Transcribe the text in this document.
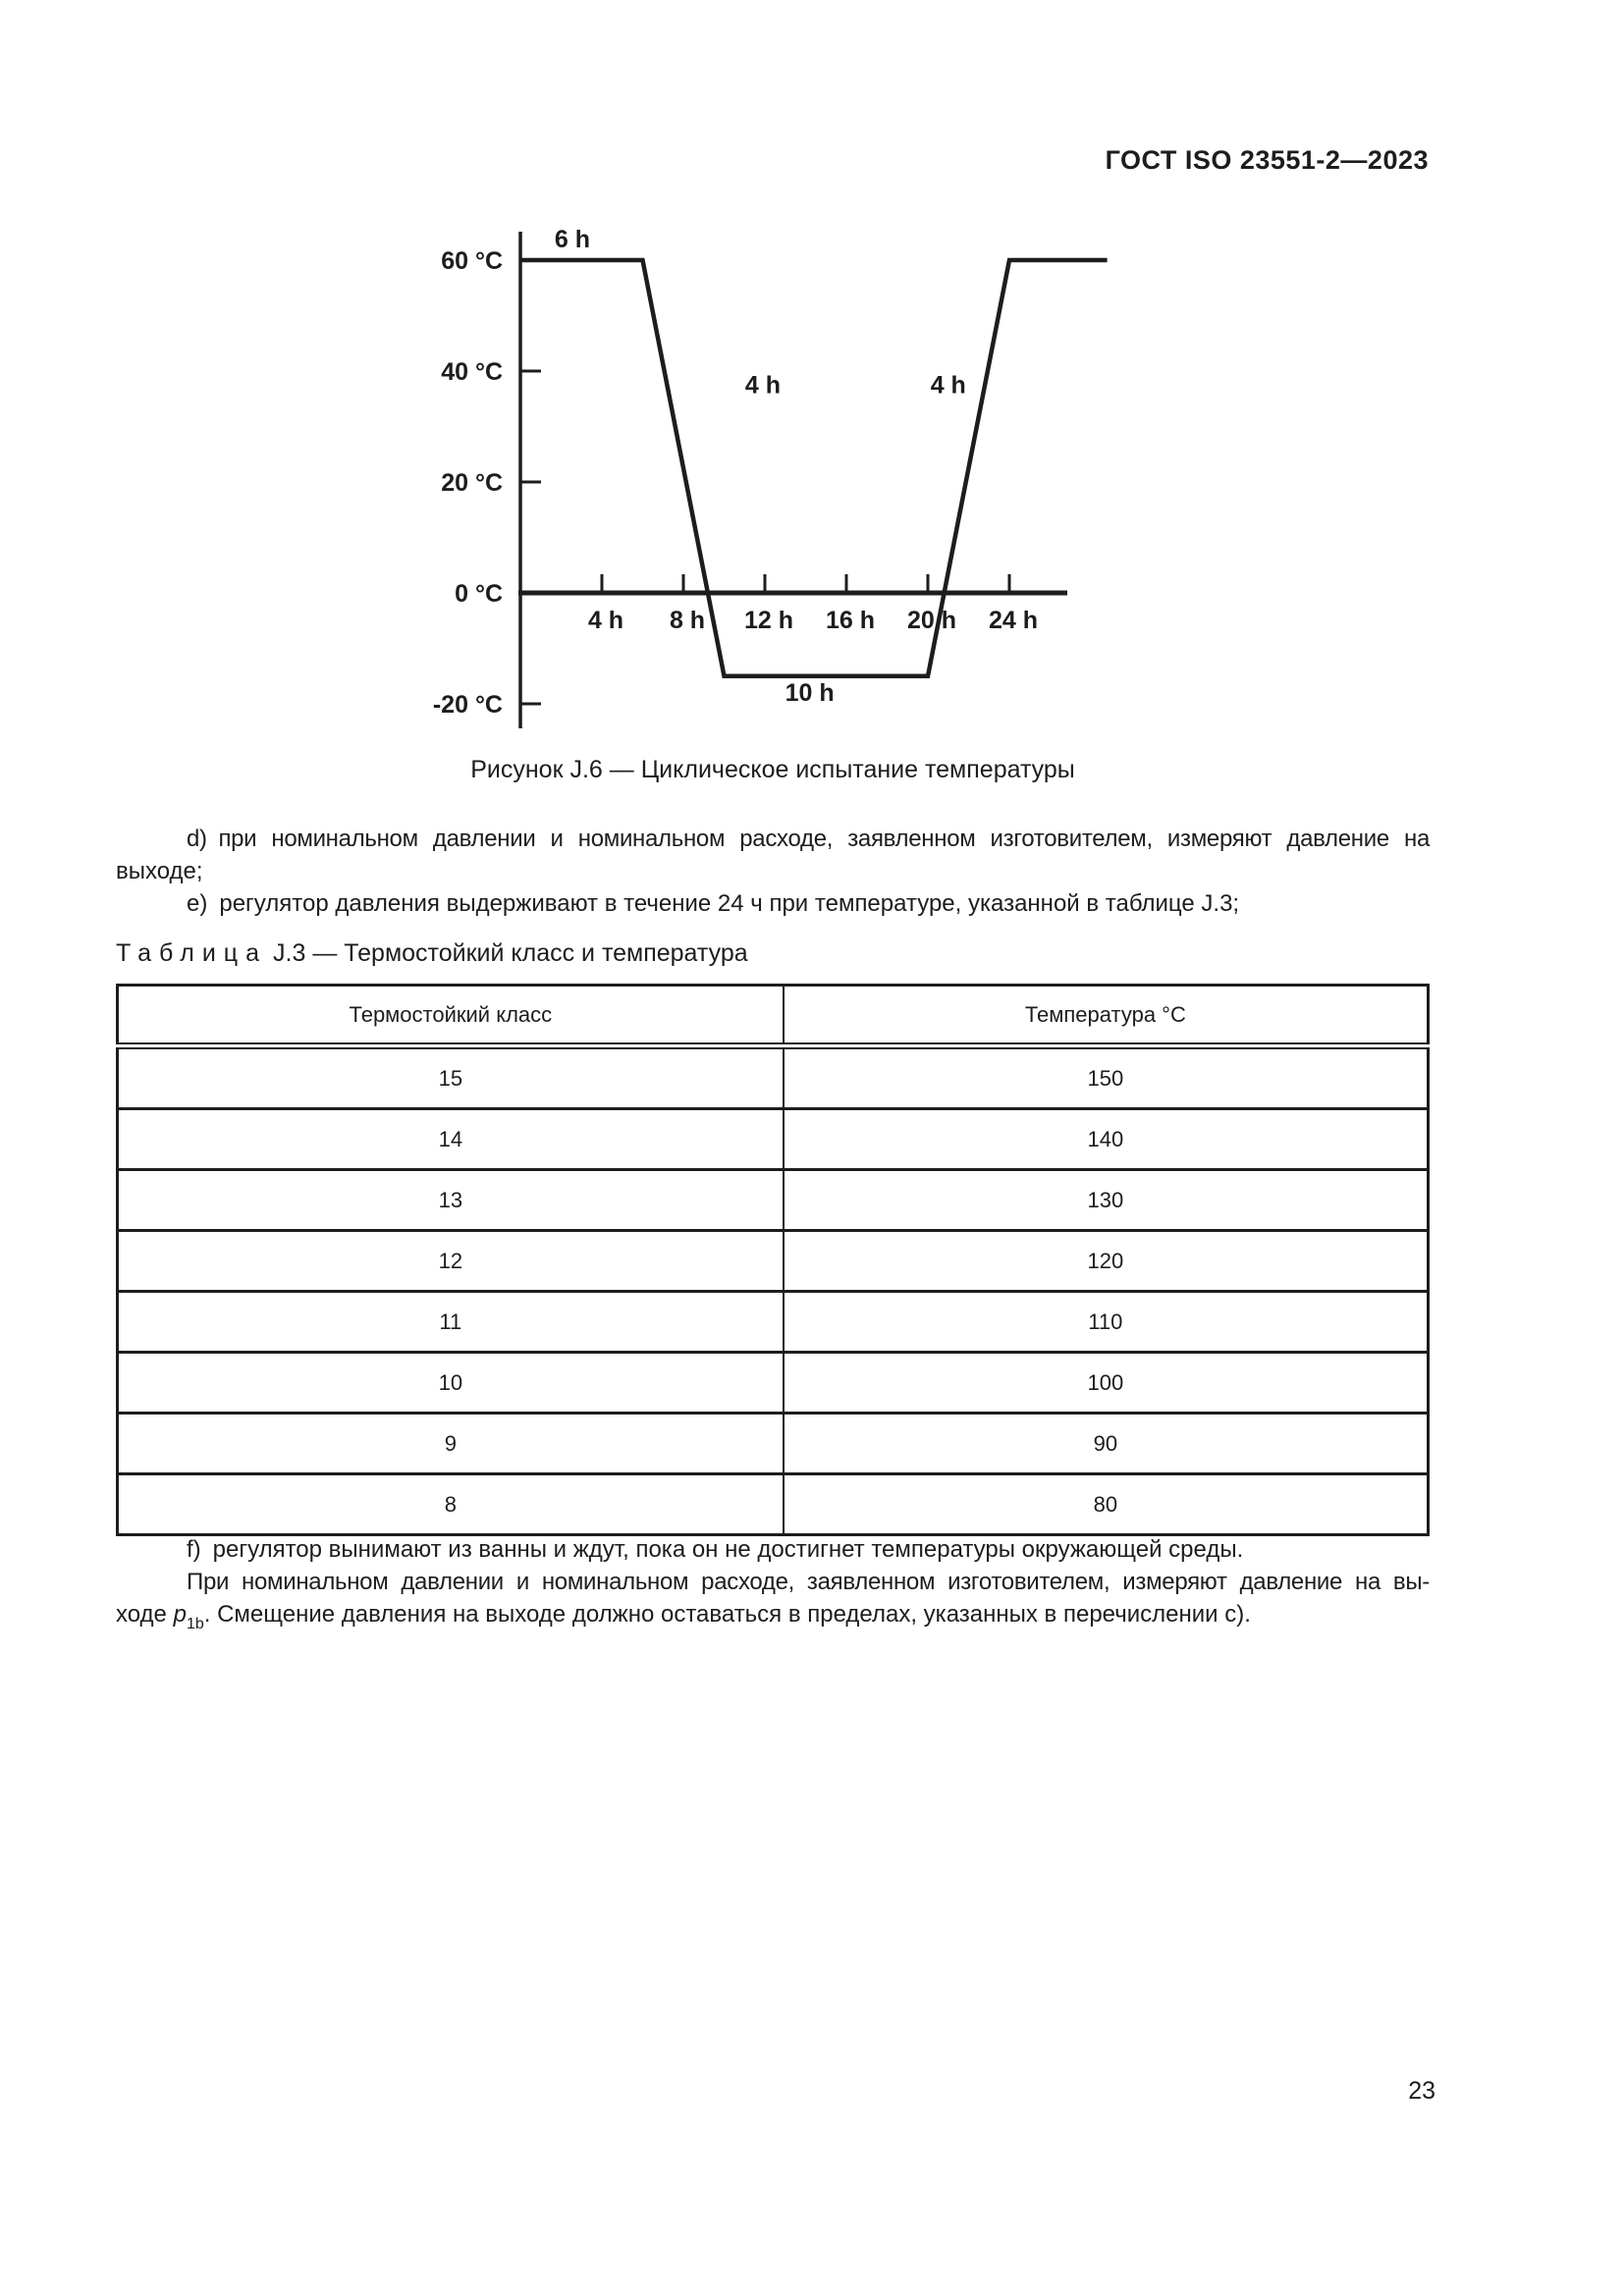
ГОСТ ISO 23551-2—2023
60 °C
40 °C
20 °C
0 °C
-20 °C
4 h 8 h 12 h 16 h 20 h 24 h
6 h
4 h	4 h
10 h
Рисунок J.6 — Циклическое испытание температуры
d) при номинальном давлении и номинальном расходе, заявленном изготовителем, измеряют давление на
выходе;
e) регулятор давления выдерживают в течение 24 ч при температуре, указанной в таблице J.3;
Таблица J.3 — Термостойкий класс и температура
Термостойкий класс	Температура °С
15	150
14	140
13	130
12	120
11	110
10	100
9	90
8	80
f) регулятор вынимают из ванны и ждут, пока он не достигнет температуры окружающей среды.
При номинальном давлении и номинальном расходе, заявленном изготовителем, измеряют давление на вы-
ходе $p_{1b}$. Смещение давления на выходе должно оставаться в пределах, указанных в перечислении с).
23
